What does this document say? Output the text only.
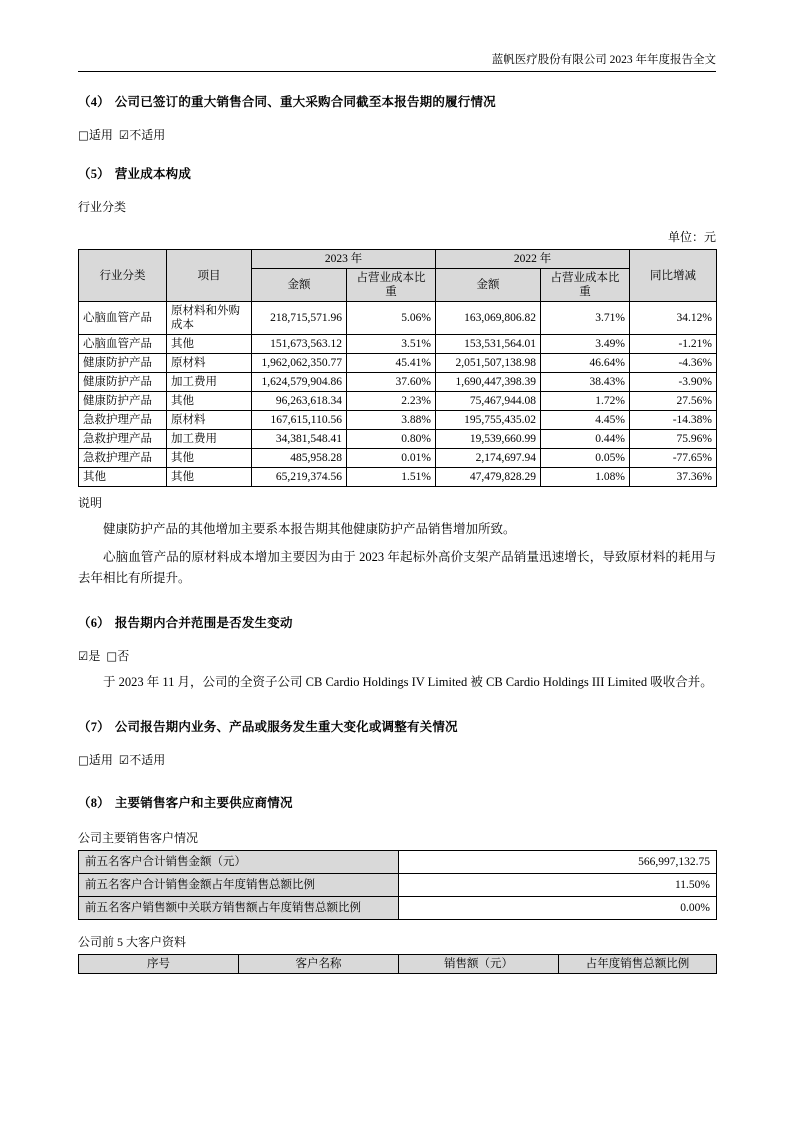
蓝帆医疗股份有限公司 2023 年年度报告全文
（4） 公司已签订的重大销售合同、重大采购合同截至本报告期的履行情况
□适用 ☑不适用
（5） 营业成本构成
行业分类
单位：元
行业分类	项目	2023 年		2022 年		同比增减
		金额	占营业成本比重	金额	占营业成本比重	
心脑血管产品	原材料和外购成本	218,715,571.96	5.06%	163,069,806.82	3.71%	34.12%
心脑血管产品	其他	151,673,563.12	3.51%	153,531,564.01	3.49%	-1.21%
健康防护产品	原材料	1,962,062,350.77	45.41%	2,051,507,138.98	46.64%	-4.36%
健康防护产品	加工费用	1,624,579,904.86	37.60%	1,690,447,398.39	38.43%	-3.90%
健康防护产品	其他	96,263,618.34	2.23%	75,467,944.08	1.72%	27.56%
急救护理产品	原材料	167,615,110.56	3.88%	195,755,435.02	4.45%	-14.38%
急救护理产品	加工费用	34,381,548.41	0.80%	19,539,660.99	0.44%	75.96%
急救护理产品	其他	485,958.28	0.01%	2,174,697.94	0.05%	-77.65%
其他	其他	65,219,374.56	1.51%	47,479,828.29	1.08%	37.36%
说明
健康防护产品的其他增加主要系本报告期其他健康防护产品销售增加所致。
心脑血管产品的原材料成本增加主要因为由于 2023 年起标外高价支架产品销量迅速增长，导致原材料的耗用与去年相比有所提升。
（6） 报告期内合并范围是否发生变动
☑是 □否
于 2023 年 11 月，公司的全资子公司 CB Cardio Holdings IV Limited 被 CB Cardio Holdings III Limited 吸收合并。
（7） 公司报告期内业务、产品或服务发生重大变化或调整有关情况
□适用 ☑不适用
（8） 主要销售客户和主要供应商情况
公司主要销售客户情况
前五名客户合计销售金额（元）	566,997,132.75
前五名客户合计销售金额占年度销售总额比例	11.50%
前五名客户销售额中关联方销售额占年度销售总额比例	0.00%
公司前 5 大客户资料
序号	客户名称	销售额（元）	占年度销售总额比例
